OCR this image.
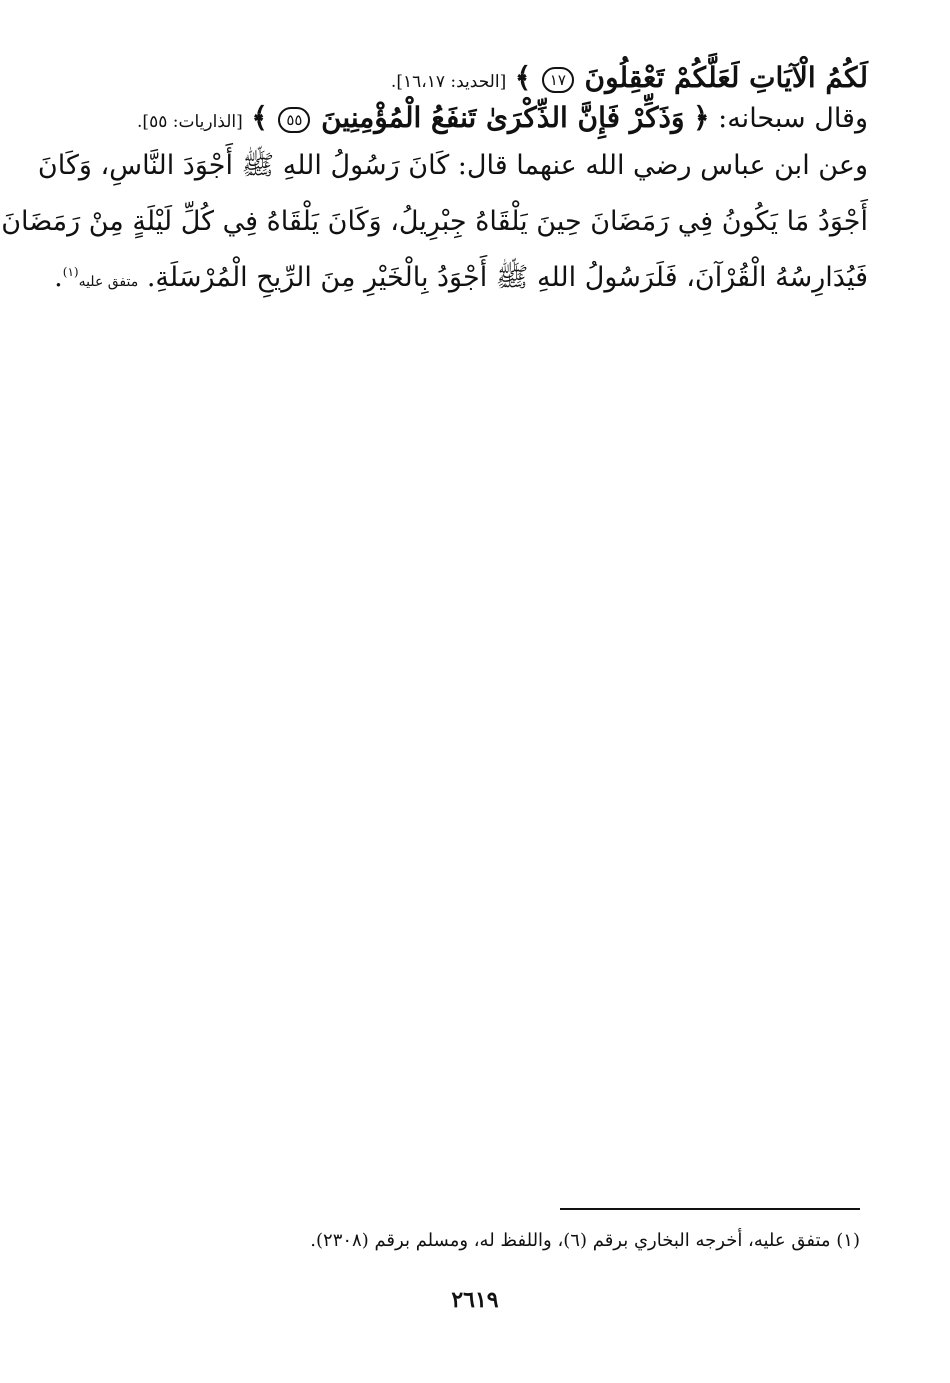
لَكُمُ الْآيَاتِ لَعَلَّكُمْ تَعْقِلُونَ ١٧ ﴾ [الحديد: ١٦،١٧].
وقال سبحانه: ﴿ وَذَكِّرْ فَإِنَّ الذِّكْرَىٰ تَنفَعُ الْمُؤْمِنِينَ ٥٥ ﴾ [الذاريات: ٥٥].
وعن ابن عباس رضي الله عنهما قال: كَانَ رَسُولُ اللهِ ﷺ أَجْوَدَ النَّاسِ، وَكَانَ
أَجْوَدُ مَا يَكُونُ فِي رَمَضَانَ حِينَ يَلْقَاهُ جِبْرِيلُ، وَكَانَ يَلْقَاهُ فِي كُلِّ لَيْلَةٍ مِنْ رَمَضَانَ
فَيُدَارِسُهُ الْقُرْآنَ، فَلَرَسُولُ اللهِ ﷺ أَجْوَدُ بِالْخَيْرِ مِنَ الرِّيحِ الْمُرْسَلَةِ. متفق عليه$^{(١)}$.
(١) متفق عليه، أخرجه البخاري برقم (٦)، واللفظ له، ومسلم برقم (٢٣٠٨).
٢٦١٩
